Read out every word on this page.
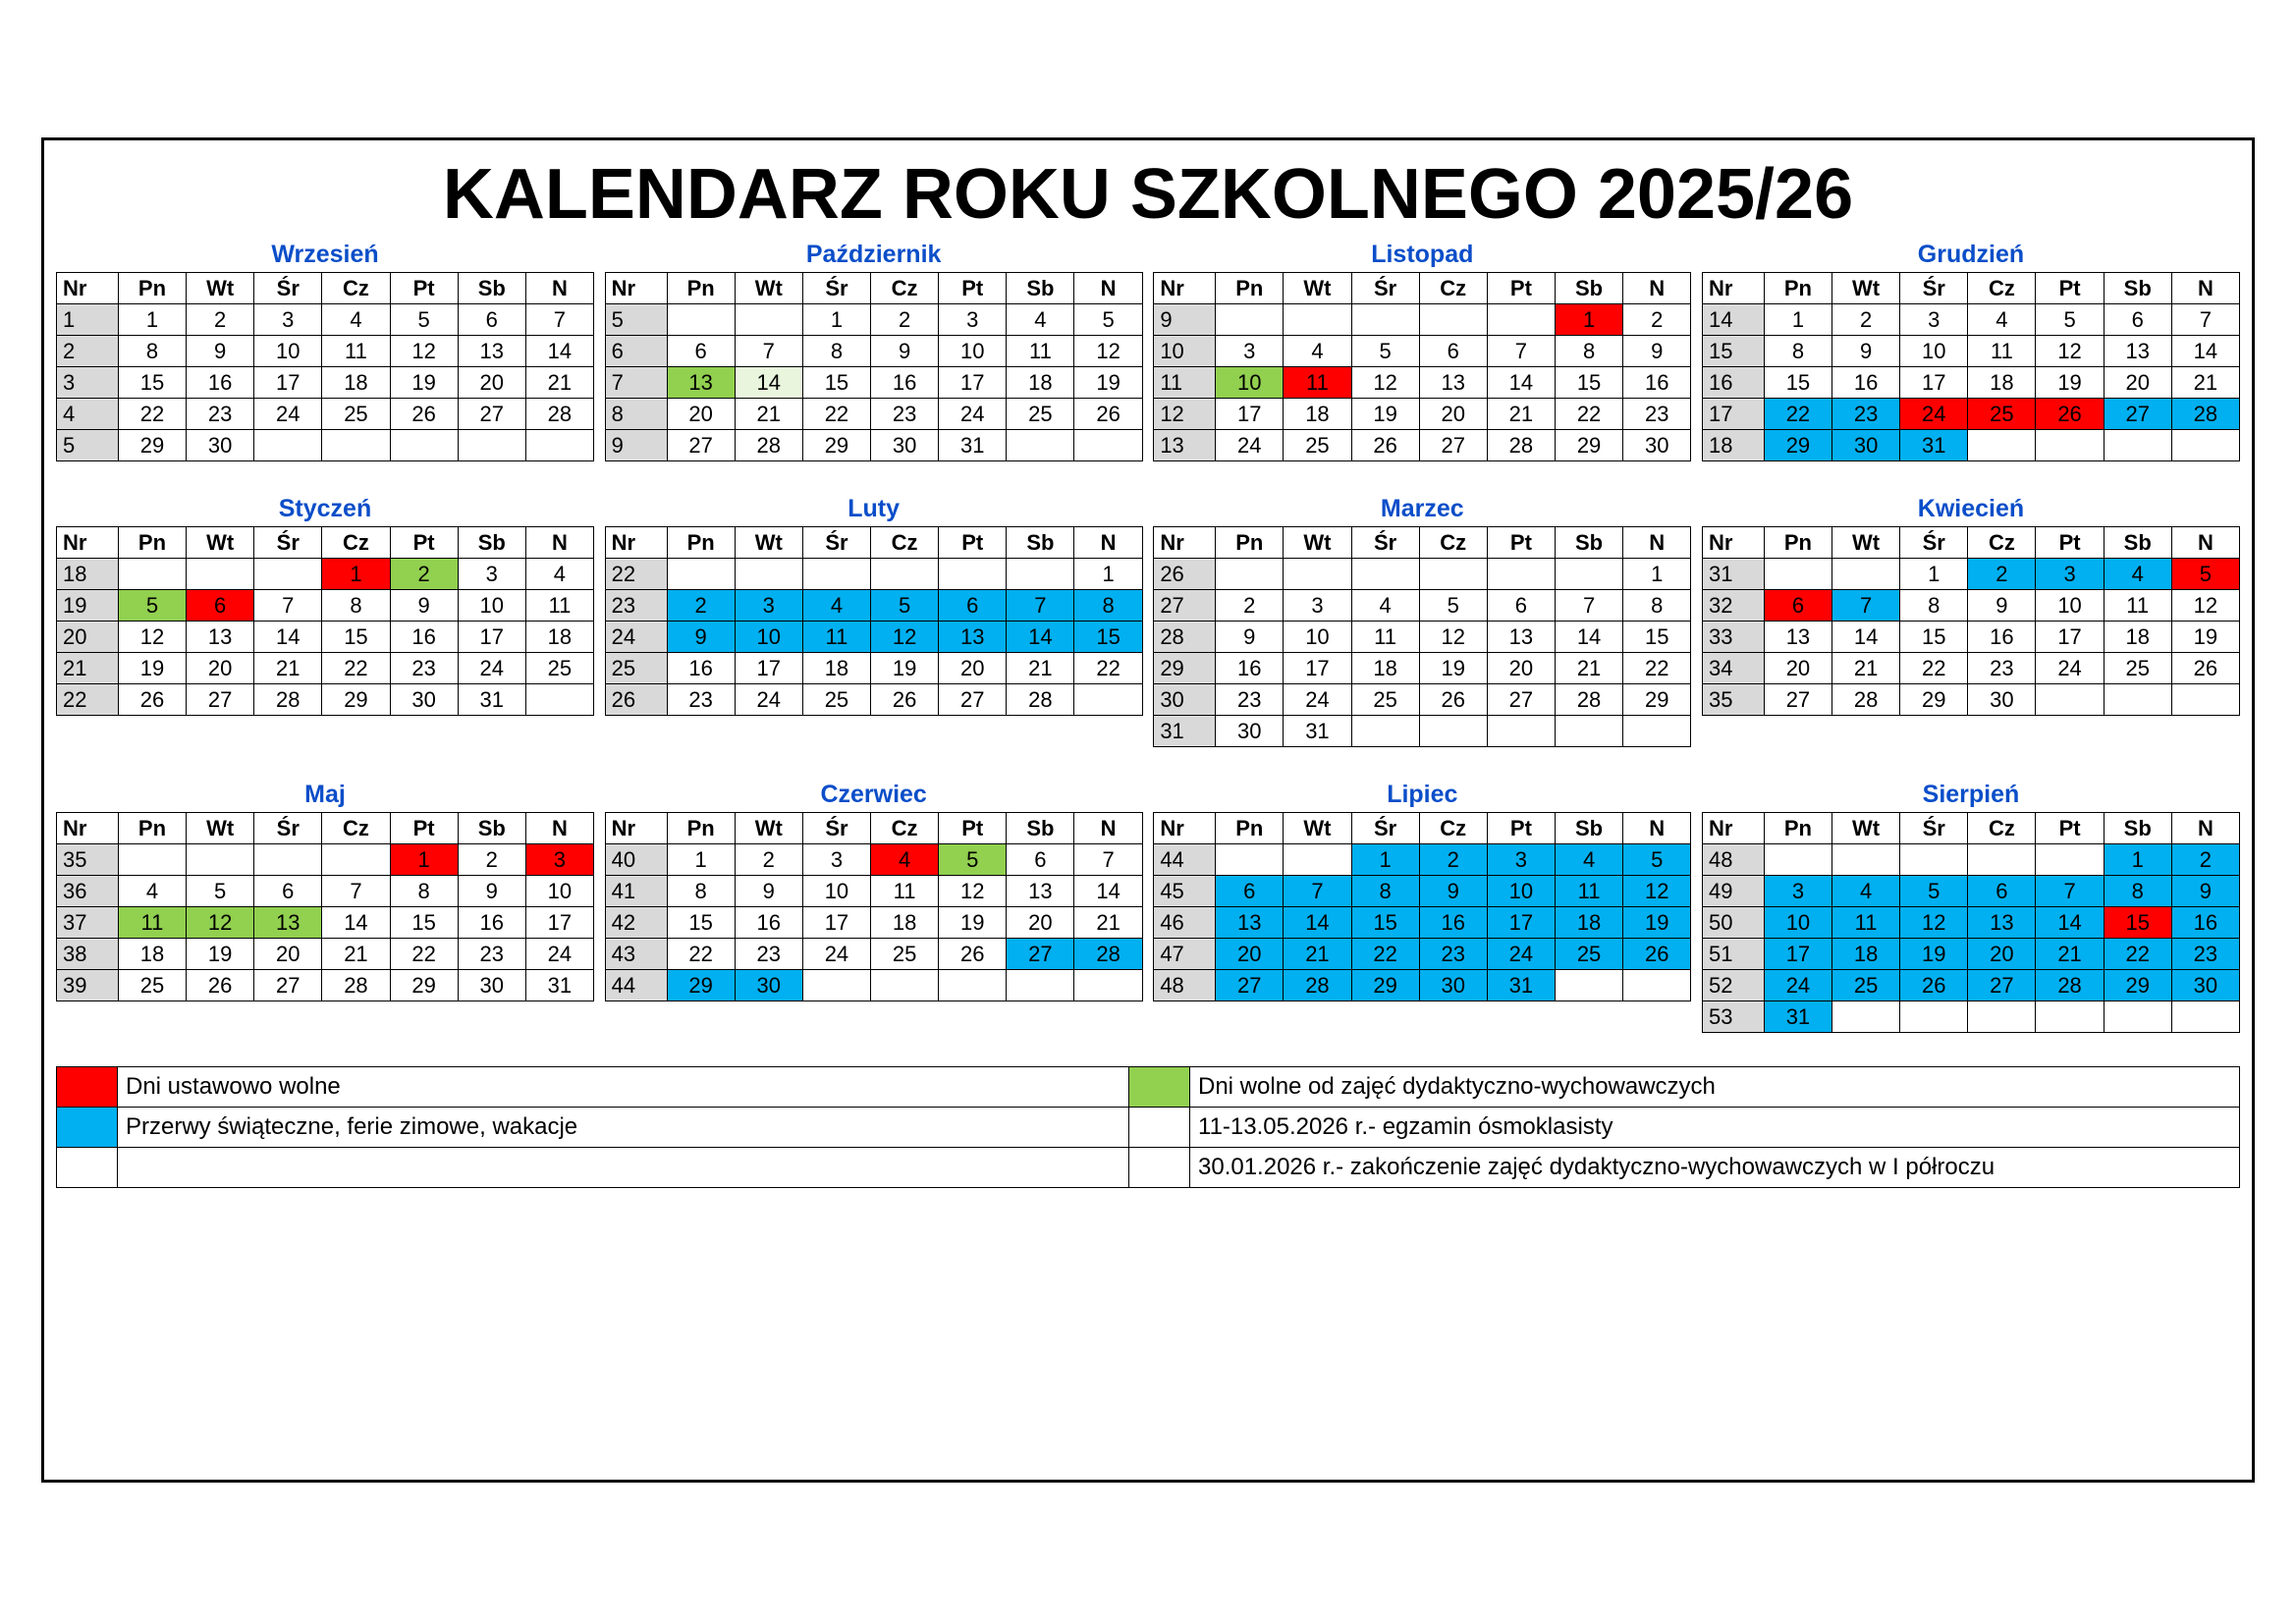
KALENDARZ ROKU SZKOLNEGO 2025/26
Wrzesień
Nr	Pn	Wt	Śr	Cz	Pt	Sb	N
1	1	2	3	4	5	6	7
2	8	9	10	11	12	13	14
3	15	16	17	18	19	20	21
4	22	23	24	25	26	27	28
5	29	30					
Październik
Nr	Pn	Wt	Śr	Cz	Pt	Sb	N
5			1	2	3	4	5
6	6	7	8	9	10	11	12
7	13	14	15	16	17	18	19
8	20	21	22	23	24	25	26
9	27	28	29	30	31		
Listopad
Nr	Pn	Wt	Śr	Cz	Pt	Sb	N
9						1	2
10	3	4	5	6	7	8	9
11	10	11	12	13	14	15	16
12	17	18	19	20	21	22	23
13	24	25	26	27	28	29	30
Grudzień
Nr	Pn	Wt	Śr	Cz	Pt	Sb	N
14	1	2	3	4	5	6	7
15	8	9	10	11	12	13	14
16	15	16	17	18	19	20	21
17	22	23	24	25	26	27	28
18	29	30	31				
Styczeń
Nr	Pn	Wt	Śr	Cz	Pt	Sb	N
18				1	2	3	4
19	5	6	7	8	9	10	11
20	12	13	14	15	16	17	18
21	19	20	21	22	23	24	25
22	26	27	28	29	30	31	
Luty
Nr	Pn	Wt	Śr	Cz	Pt	Sb	N
22							1
23	2	3	4	5	6	7	8
24	9	10	11	12	13	14	15
25	16	17	18	19	20	21	22
26	23	24	25	26	27	28	
Marzec
Nr	Pn	Wt	Śr	Cz	Pt	Sb	N
26							1
27	2	3	4	5	6	7	8
28	9	10	11	12	13	14	15
29	16	17	18	19	20	21	22
30	23	24	25	26	27	28	29
31	30	31					
Kwiecień
Nr	Pn	Wt	Śr	Cz	Pt	Sb	N
31			1	2	3	4	5
32	6	7	8	9	10	11	12
33	13	14	15	16	17	18	19
34	20	21	22	23	24	25	26
35	27	28	29	30			
Maj
Nr	Pn	Wt	Śr	Cz	Pt	Sb	N
35					1	2	3
36	4	5	6	7	8	9	10
37	11	12	13	14	15	16	17
38	18	19	20	21	22	23	24
39	25	26	27	28	29	30	31
Czerwiec
Nr	Pn	Wt	Śr	Cz	Pt	Sb	N
40	1	2	3	4	5	6	7
41	8	9	10	11	12	13	14
42	15	16	17	18	19	20	21
43	22	23	24	25	26	27	28
44	29	30					
Lipiec
Nr	Pn	Wt	Śr	Cz	Pt	Sb	N
44			1	2	3	4	5
45	6	7	8	9	10	11	12
46	13	14	15	16	17	18	19
47	20	21	22	23	24	25	26
48	27	28	29	30	31		
Sierpień
Nr	Pn	Wt	Śr	Cz	Pt	Sb	N
48						1	2
49	3	4	5	6	7	8	9
50	10	11	12	13	14	15	16
51	17	18	19	20	21	22	23
52	24	25	26	27	28	29	30
53	31						
	Dni ustawowo wolne		Dni wolne od zajęć dydaktyczno-wychowawczych
	Przerwy świąteczne, ferie zimowe, wakacje		11-13.05.2026 r.- egzamin ósmoklasisty
			30.01.2026 r.- zakończenie zajęć dydaktyczno-wychowawczych w I półroczu
